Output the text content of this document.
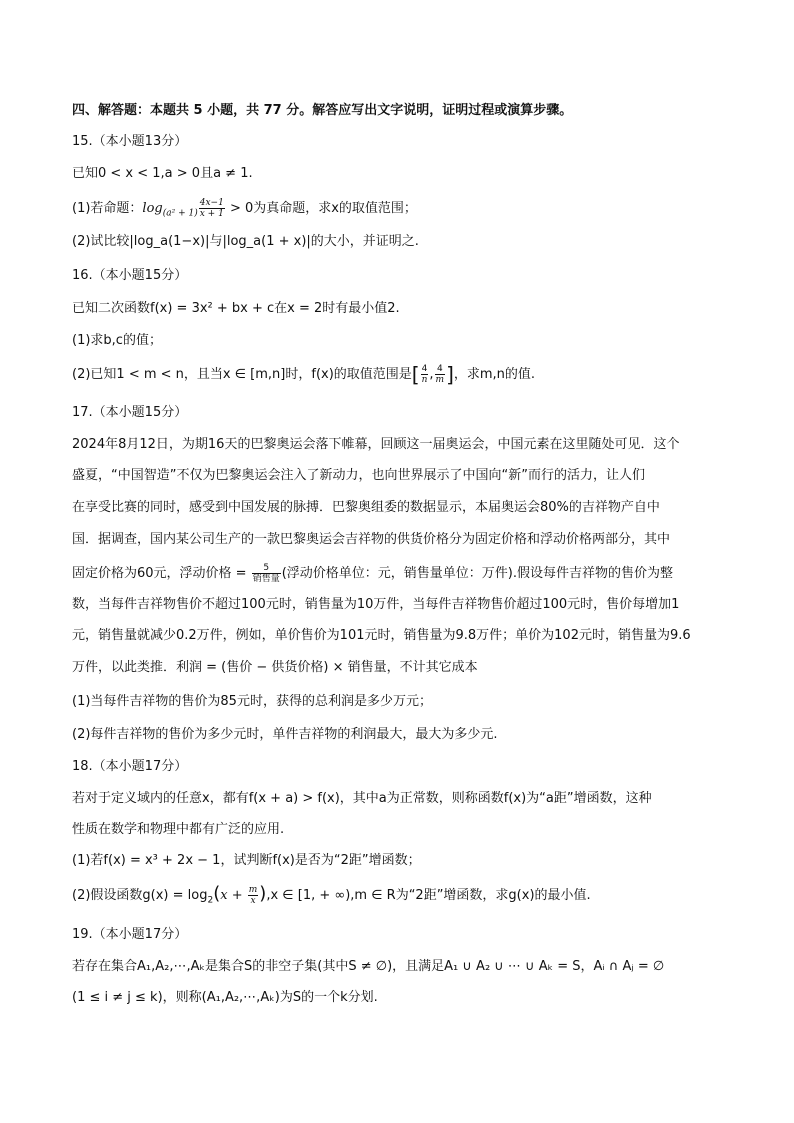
四、解答题：本题共 5 小题，共 77 分。解答应写出文字说明，证明过程或演算步骤。
15.（本小题13分）
已知0 < x < 1,a > 0且a ≠ 1.
(1)若命题：$\log_{(a^2 + 1)} \frac{4x-1}{x + 1} > 0$为真命题，求x的取值范围；
(2)试比较|log_a(1−x)|与|log_a(1 + x)|的大小，并证明之.
16.（本小题15分）
已知二次函数f(x) = 3x² + bx + c在x = 2时有最小值2.
(1)求b,c的值；
(2)已知1 < m < n，且当x ∈ [m,n]时，f(x)的取值范围是[ $\frac{4}{n}$ , $\frac{4}{m}$ ]，求m,n的值.
17.（本小题15分）
2024年8月12日，为期16天的巴黎奥运会落下帷幕，回顾这一届奥运会，中国元素在这里随处可见．这个
盛夏，“中国智造”不仅为巴黎奥运会注入了新动力，也向世界展示了中国向“新”而行的活力，让人们
在享受比赛的同时，感受到中国发展的脉搏．巴黎奥组委的数据显示，本届奥运会80%的吉祥物产自中
国．据调查，国内某公司生产的一款巴黎奥运会吉祥物的供货价格分为固定价格和浮动价格两部分，其中
固定价格为60元，浮动价格 = $\frac{5}{\text{销售量}}$ (浮动价格单位：元，销售量单位：万件).假设每件吉祥物的售价为整
数，当每件吉祥物售价不超过100元时，销售量为10万件，当每件吉祥物售价超过100元时，售价每增加1
元，销售量就减少0.2万件，例如，单价售价为101元时，销售量为9.8万件；单价为102元时，销售量为9.6
万件，以此类推．利润 = (售价 − 供货价格) × 销售量，不计其它成本
(1)当每件吉祥物的售价为85元时，获得的总利润是多少万元；
(2)每件吉祥物的售价为多少元时，单件吉祥物的利润最大，最大为多少元.
18.（本小题17分）
若对于定义域内的任意x，都有f(x + a) > f(x)，其中a为正常数，则称函数f(x)为“a距”增函数，这种
性质在数学和物理中都有广泛的应用.
(1)若f(x) = x³ + 2x − 1，试判断f(x)是否为“2距”增函数；
(2)假设函数$g(x) = \log_2(x + \frac{m}{x} ),x$ ∈ [1, + ∞),m ∈ R为“2距”增函数，求g(x)的最小值.
19.（本小题17分）
若存在集合A₁,A₂,⋯,Aₖ是集合S的非空子集(其中S ≠ ∅)，且满足A₁ ∪ A₂ ∪ ⋯ ∪ Aₖ = S，Aᵢ ∩ Aⱼ = ∅
(1 ≤ i ≠ j ≤ k)，则称(A₁,A₂,⋯,Aₖ)为S的一个k分划.
